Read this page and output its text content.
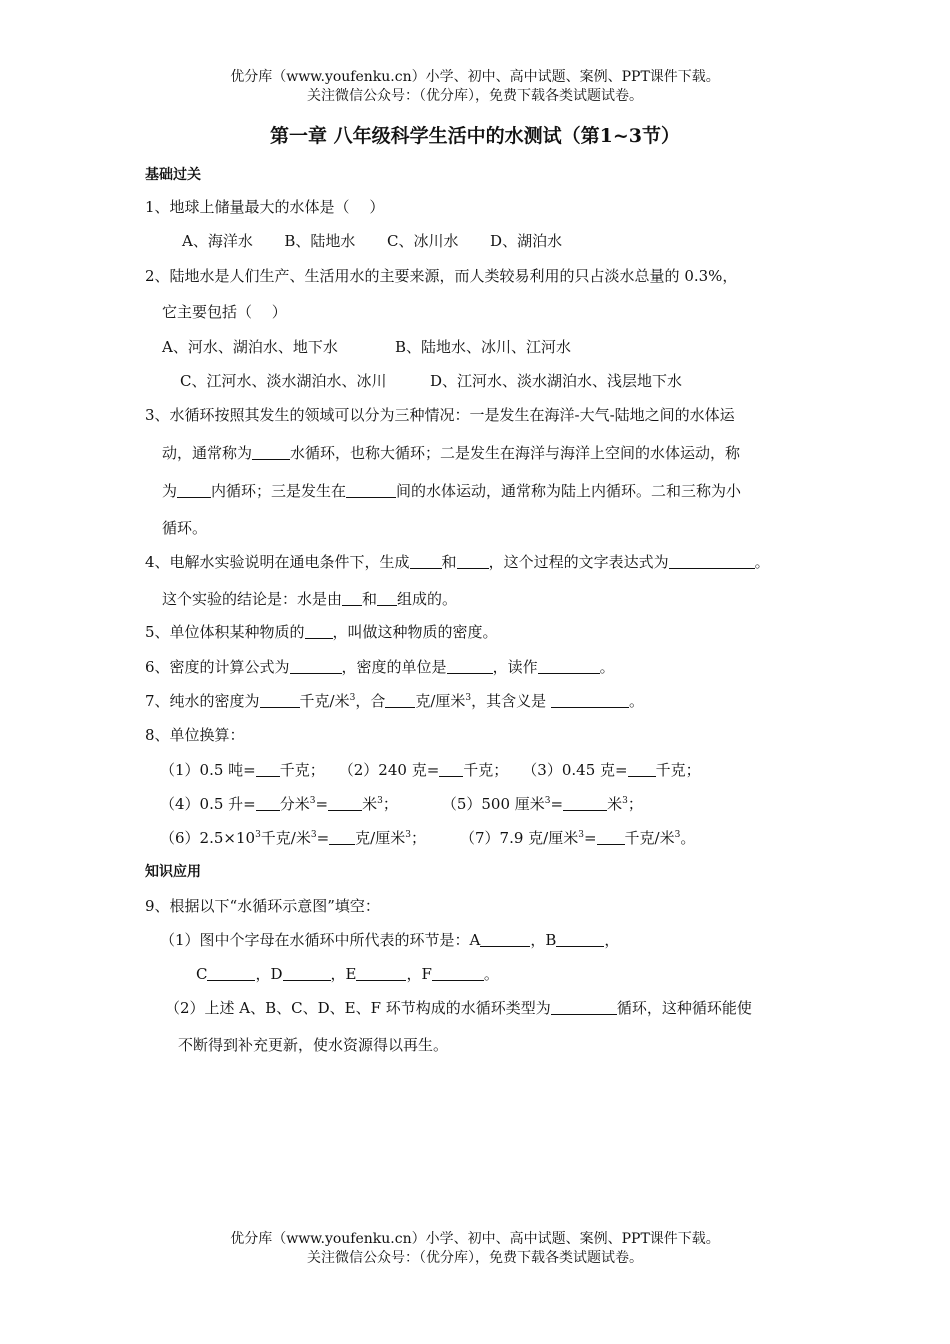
优分库（www.youfenku.cn）小学、初中、高中试题、案例、PPT课件下载。
关注微信公众号：（优分库），免费下载各类试题试卷。
第一章 八年级科学生活中的水测试（第1~3节）
基础过关
1、地球上储量最大的水体是（　 ）
A、海洋水 B、陆地水 C、冰川水 D、湖泊水
2、陆地水是人们生产、生活用水的主要来源，而人类较易利用的只占淡水总量的 0.3%，
它主要包括（　 ）
A、河水、湖泊水、地下水	B、陆地水、冰川、江河水
C、江河水、淡水湖泊水、冰川	D、江河水、淡水湖泊水、浅层地下水
3、水循环按照其发生的领域可以分为三种情况：一是发生在海洋-大气-陆地之间的水体运
动，通常称为	水循环，也称大循环；二是发生在海洋与海洋上空间的水体运动，称
为 内循环；三是发生在	间的水体运动，通常称为陆上内循环。二和三称为小
循环。
4、电解水实验说明在通电条件下，生成 和 ，这个过程的文字表达式为	。
这个实验的结论是：水是由 和 组成的。
5、单位体积某种物质的 ，叫做这种物质的密度。
6、密度的计算公式为	，密度的单位是	，读作	。
7、纯水的密度为	千克/米$^3$，合 克/厘米$^3$，其含义是	。
8、单位换算：
（1）0.5 吨= 千克； （2）240 克= 千克； （3）0.45 克= 千克；
（4）0.5 升= 分米$^3$= 米$^3$；	（5）500 厘米$^3$=	米$^3$；
$(6)2.5\times 10^3$千克/米$^3$= 克/厘米$^3$； （7）7.9 克/厘米$^3$= 千克/米$^3$。
知识应用
9、根据以下“水循环示意图”填空：
（1）图中个字母在水循环中所代表的环节是：A	，B	，
C	，D	，E	，F	。
（2）上述 A、B、C、D、E、F 环节构成的水循环类型为	循环，这种循环能使
不断得到补充更新，使水资源得以再生。
优分库（www.youfenku.cn）小学、初中、高中试题、案例、PPT课件下载。
关注微信公众号：（优分库），免费下载各类试题试卷。
